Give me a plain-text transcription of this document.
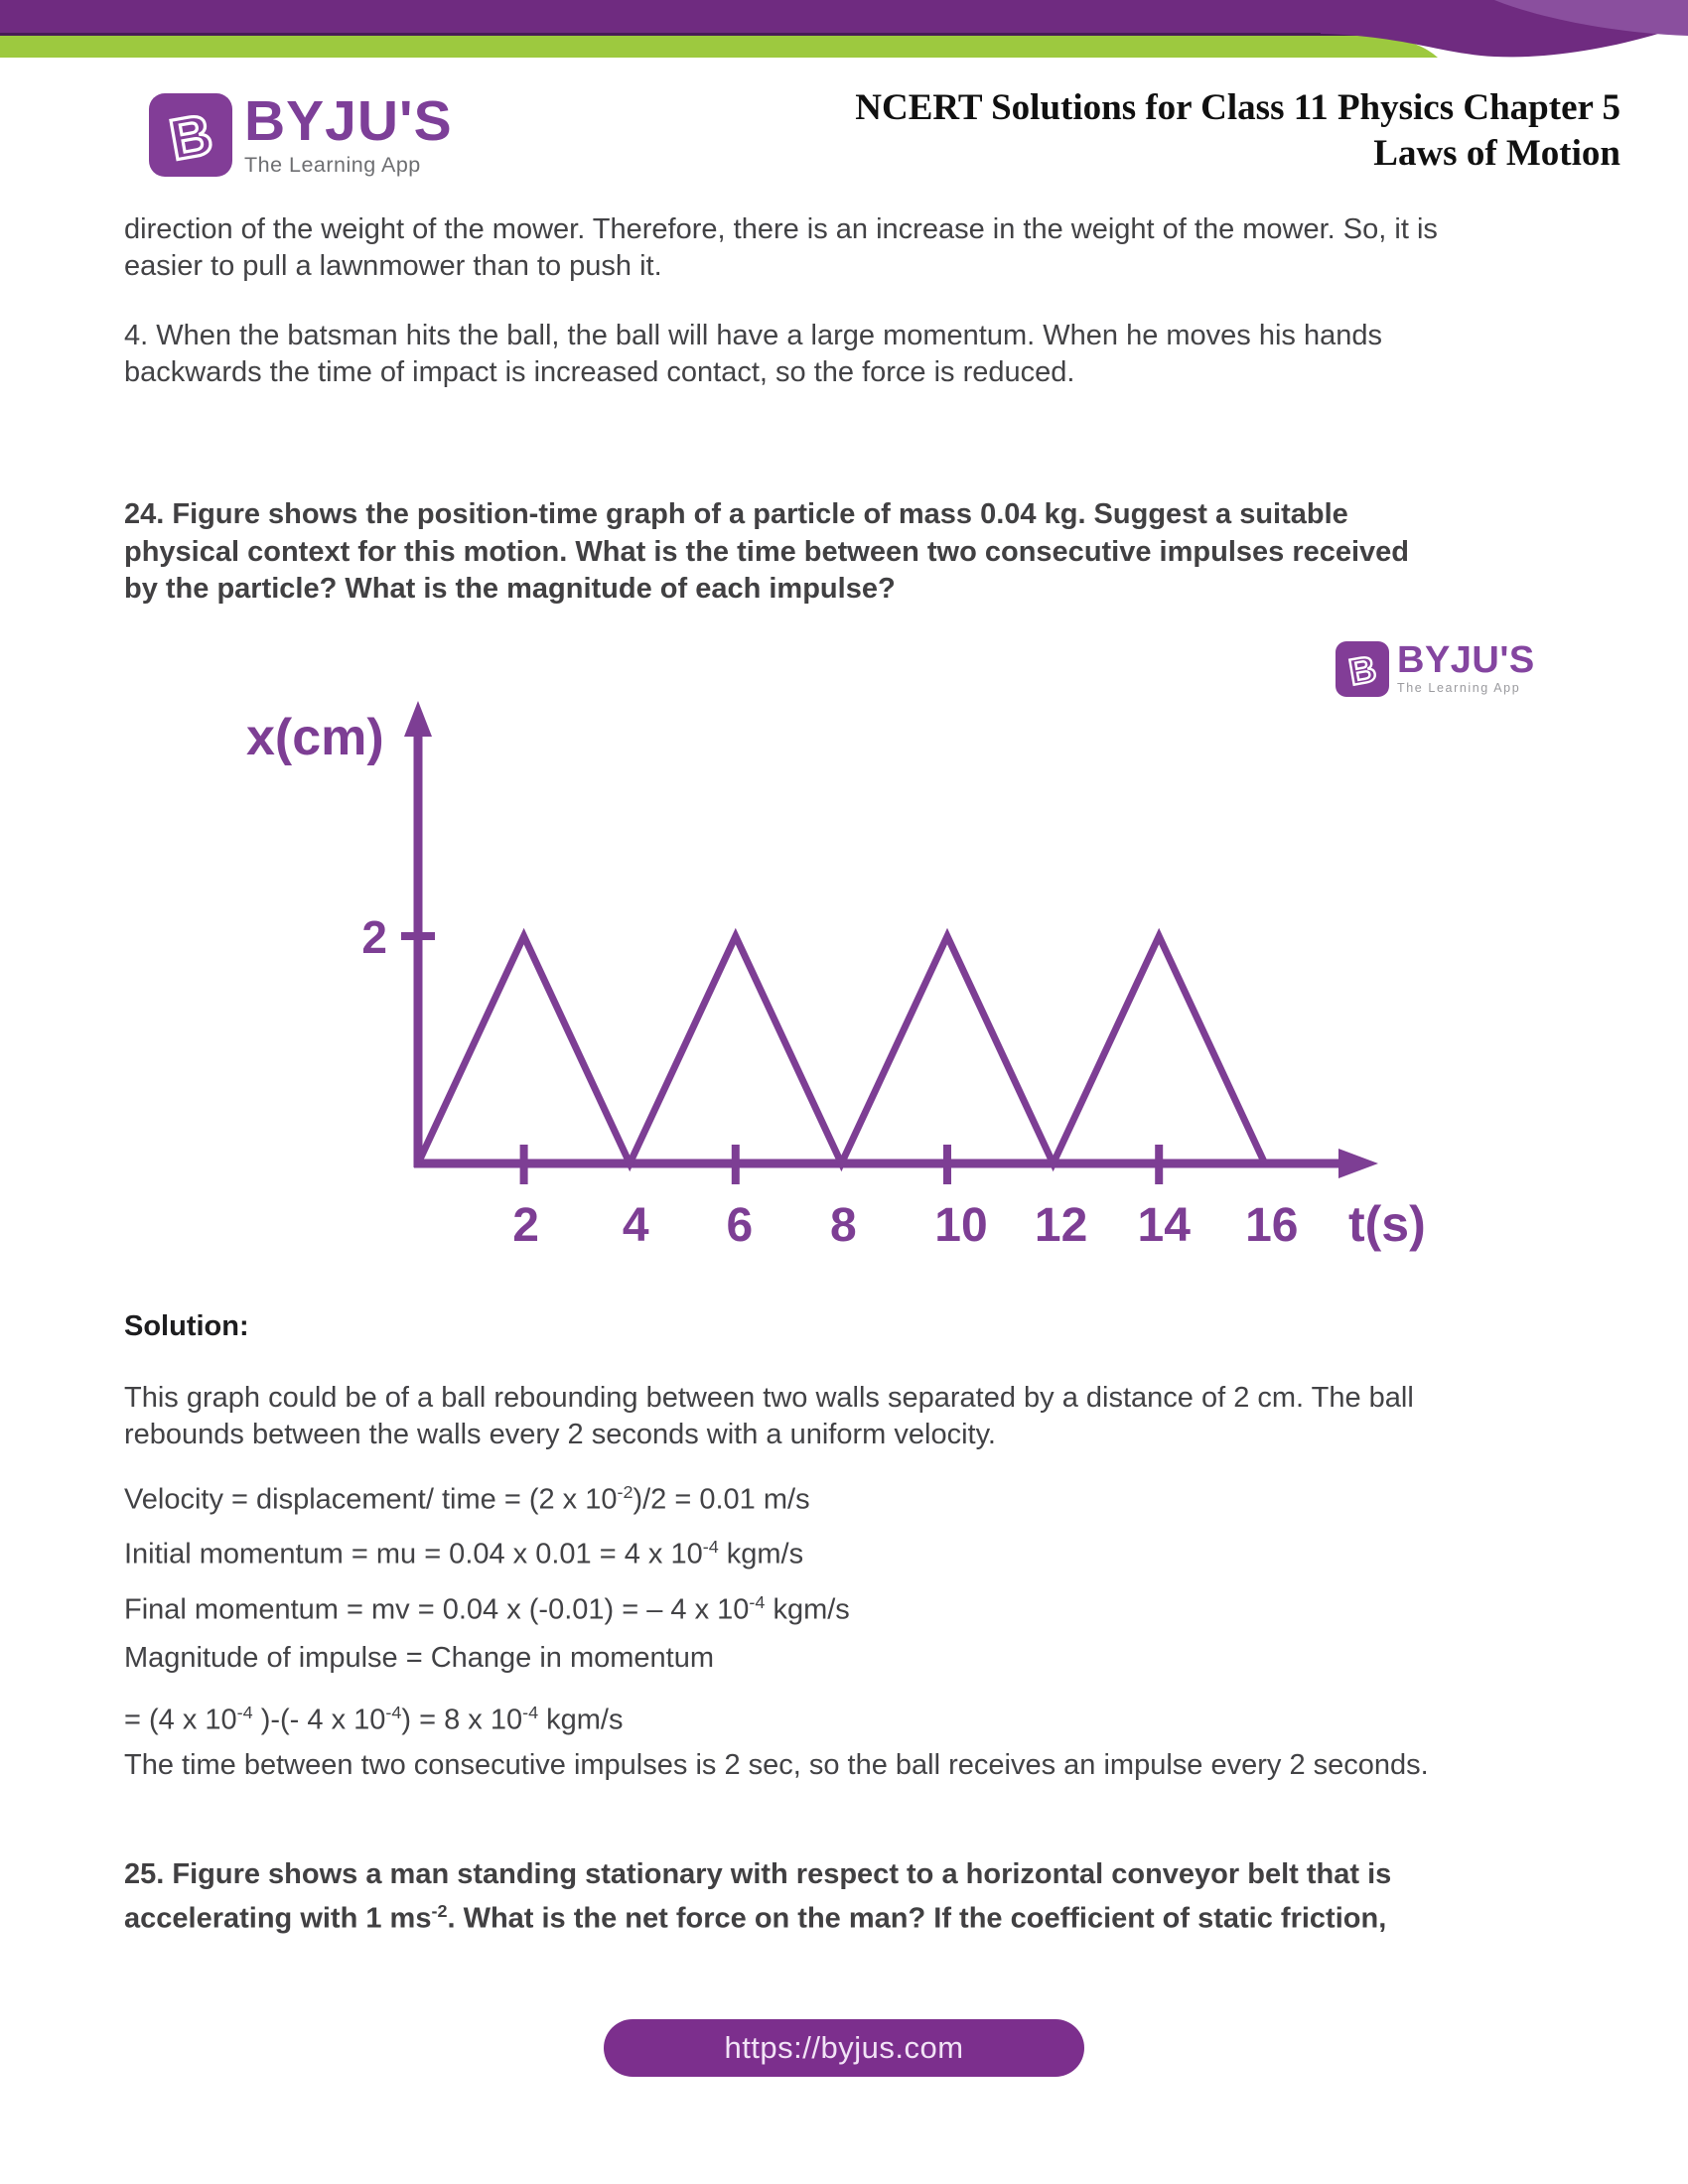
B BYJU'S
The Learning App
NCERT Solutions for Class 11 Physics Chapter 5
Laws of Motion
direction of the weight of the mower. Therefore, there is an increase in the weight of the mower. So, it is
easier to pull a lawnmower than to push it.
4. When the batsman hits the ball, the ball will have a large momentum. When he moves his hands
backwards the time of impact is increased contact, so the force is reduced.
24. Figure shows the position-time graph of a particle of mass 0.04 kg. Suggest a suitable
physical context for this motion. What is the time between two consecutive impulses received
by the particle? What is the magnitude of each impulse?
B BYJU'S
The Learning App
2
x(cm)
t(s)
2 4 6 8 10 12 14 16
Solution:
This graph could be of a ball rebounding between two walls separated by a distance of 2 cm. The ball
rebounds between the walls every 2 seconds with a uniform velocity.
Velocity = displacement/ time = (2 x $10^{-2})/2 = 0.01$ m/s
Initial momentum = mu = 0.04 x 0.01 = 4 x $10^{-4}$ kgm/s
Final momentum = mv = 0.04 x (-0.01) = – 4 x $10^{-4}$ kgm/s
Magnitude of impulse = Change in momentum
= (4 x $10^{-4}$ )-(- 4 x $10^{-4}) = 8$ x $10^{-4}$ kgm/s
The time between two consecutive impulses is 2 sec, so the ball receives an impulse every 2 seconds.
25. Figure shows a man standing stationary with respect to a horizontal conveyor belt that is
accelerating with 1 $ms^{-2}$. What is the net force on the man? If the coefficient of static friction,
https://byjus.com
